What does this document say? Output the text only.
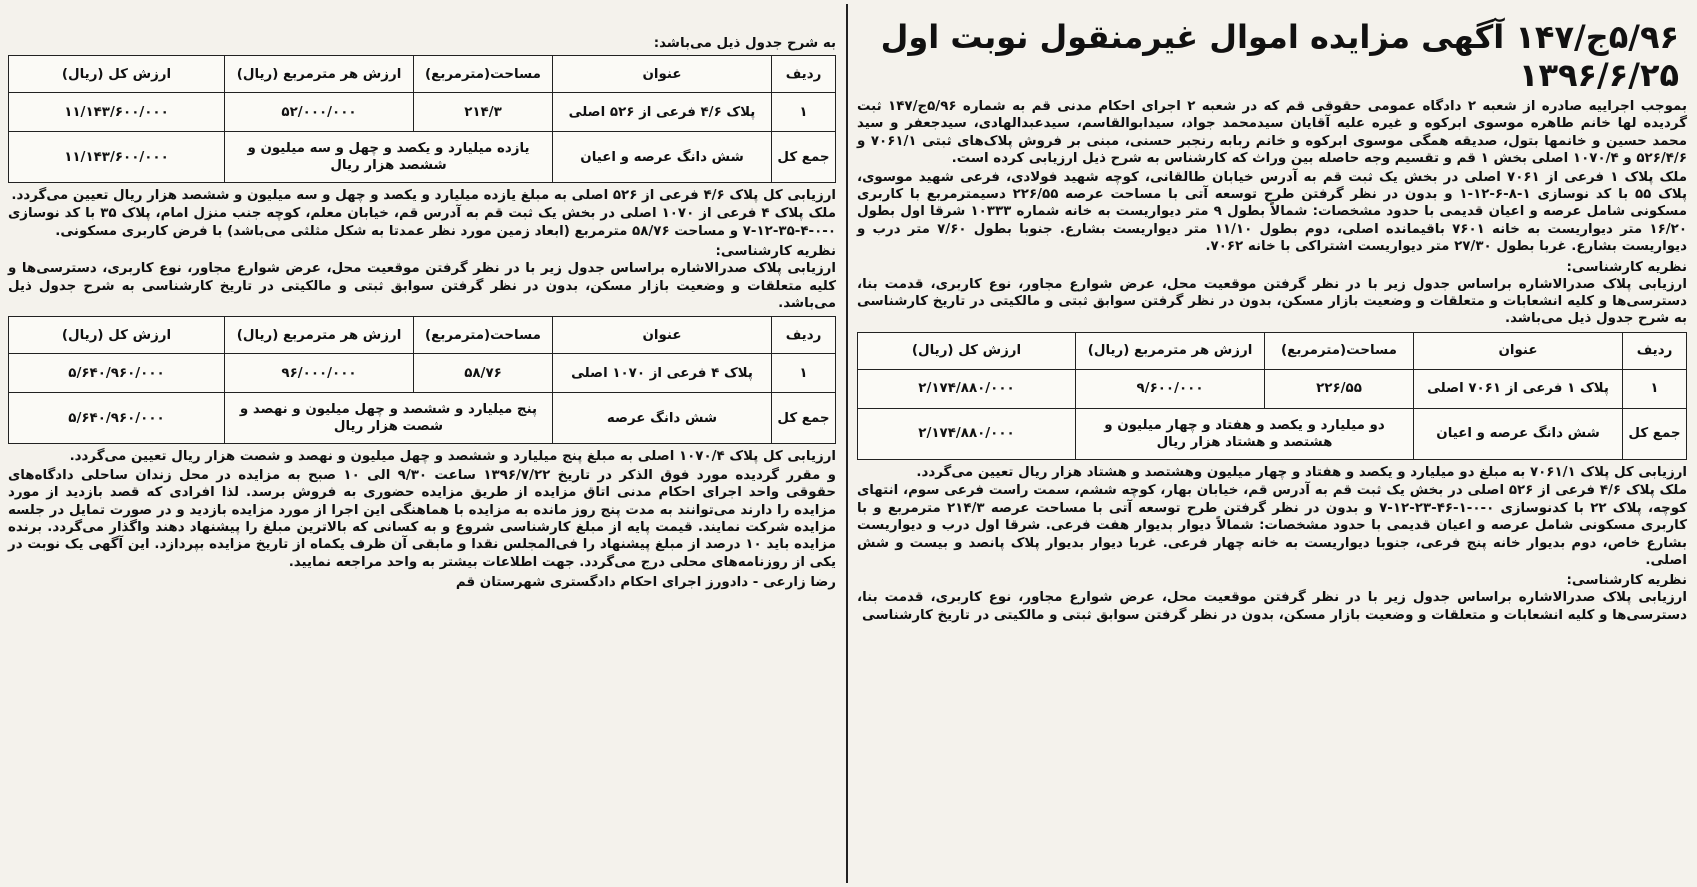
۵/۹۶ج/۱۴۷ آگهی مزایده اموال غیرمنقول نوبت اول ۱۳۹۶/۶/۲۵

بموجب اجراییه صادره از شعبه ۲ دادگاه عمومی حقوقی قم که در شعبه ۲ اجرای احکام مدنی قم به شماره ۵/۹۶ج/۱۴۷ ثبت گردیده لها خانم طاهره موسوی ابرکوه و غیره علیه آقایان سیدمحمد جواد، سیدابوالقاسم، سیدعبدالهادی، سیدجعفر و سید محمد حسین و خانمها بتول، صدیقه همگی موسوی ابرکوه و خانم ربابه رنجبر حسنی، مبنی بر فروش پلاک‌های ثبتی ۷۰۶۱/۱ و ۵۲۶/۴/۶ و ۱۰۷۰/۴ اصلی بخش ۱ قم و تقسیم وجه حاصله بین وراث که کارشناس به شرح ذیل ارزیابی کرده است.

ملک پلاک ۱ فرعی از ۷۰۶۱ اصلی در بخش یک ثبت قم به آدرس خیابان طالقانی، کوچه شهید فولادی، فرعی شهید موسوی، پلاک ۵۵ با کد نوسازی ۱-۸-۶-۱۲-۱ و بدون در نظر گرفتن طرح توسعه آتی با مساحت عرصه ۲۲۶/۵۵ دسیمترمربع با کاربری مسکونی شامل عرصه و اعیان قدیمی با حدود مشخصات: شمالاً بطول ۹ متر دیواریست به خانه شماره ۱۰۳۳۳ شرقا اول بطول ۱۶/۲۰ متر دیواریست به خانه ۷۶۰۱ باقیمانده اصلی، دوم بطول ۱۱/۱۰ متر دیواریست بشارع. جنوبا بطول ۷/۶۰ متر درب و دیواریست بشارع. غربا بطول ۲۷/۳۰ متر دیواریست اشتراکی با خانه ۷۰۶۲.

نظریه کارشناسی:

ارزیابی پلاک صدرالاشاره براساس جدول زیر با در نظر گرفتن موقعیت محل، عرض شوارع مجاور، نوع کاربری، قدمت بنا، دسترسی‌ها و کلیه انشعابات و متعلقات و وضعیت بازار مسکن، بدون در نظر گرفتن سوابق ثبتی و مالکیتی در تاریخ کارشناسی به شرح جدول ذیل می‌باشد.

ردیف	عنوان	مساحت(مترمربع)	ارزش هر مترمربع (ریال)	ارزش کل (ریال)
۱	پلاک ۱ فرعی از ۷۰۶۱ اصلی	۲۲۶/۵۵	۹/۶۰۰/۰۰۰	۲/۱۷۴/۸۸۰/۰۰۰
جمع کل	شش دانگ عرصه و اعیان	دو میلیارد و یکصد و هفتاد و چهار میلیون و هشتصد و هشتاد هزار ریال		۲/۱۷۴/۸۸۰/۰۰۰

ارزیابی کل پلاک ۷۰۶۱/۱ به مبلغ دو میلیارد و یکصد و هفتاد و چهار میلیون وهشتصد و هشتاد هزار ریال تعیین می‌گردد.

ملک پلاک ۴/۶ فرعی از ۵۲۶ اصلی در بخش یک ثبت قم به آدرس قم، خیابان بهار، کوچه ششم، سمت راست فرعی سوم، انتهای کوچه، پلاک ۲۲ با کدنوسازی ۰-۰-۱-۴۶-۲۳-۱۲-۷ و بدون در نظر گرفتن طرح توسعه آتی با مساحت عرصه ۲۱۴/۳ مترمربع و با کاربری مسکونی شامل عرصه و اعیان قدیمی با حدود مشخصات: شمالاً دیوار بدیوار هفت فرعی. شرقا اول درب و دیواریست بشارع خاص، دوم بدیوار خانه پنج فرعی، جنوبا دیواریست به خانه چهار فرعی. غربا دیوار بدیوار پلاک پانصد و بیست و شش اصلی.

نظریه کارشناسی:

ارزیابی پلاک صدرالاشاره براساس جدول زیر با در نظر گرفتن موقعیت محل، عرض شوارع مجاور، نوع کاربری، قدمت بنا، دسترسی‌ها و کلیه انشعابات و متعلقات و وضعیت بازار مسکن، بدون در نظر گرفتن سوابق ثبتی و مالکیتی در تاریخ کارشناسی

به شرح جدول ذیل می‌باشد:
ردیف	عنوان	مساحت(مترمربع)	ارزش هر مترمربع (ریال)	ارزش کل (ریال)
۱	پلاک ۴/۶ فرعی از ۵۲۶ اصلی	۲۱۴/۳	۵۲/۰۰۰/۰۰۰	۱۱/۱۴۳/۶۰۰/۰۰۰
جمع کل	شش دانگ عرصه و اعیان	یازده میلیارد و یکصد و چهل و سه میلیون و ششصد هزار ریال		۱۱/۱۴۳/۶۰۰/۰۰۰

ارزیابی کل پلاک ۴/۶ فرعی از ۵۲۶ اصلی به مبلغ یازده میلیارد و یکصد و چهل و سه میلیون و ششصد هزار ریال تعیین می‌گردد.

ملک پلاک ۴ فرعی از ۱۰۷۰ اصلی در بخش یک ثبت قم به آدرس قم، خیابان معلم، کوچه جنب منزل امام، پلاک ۳۵ با کد نوسازی ۰-۰-۴-۳۵-۱۲-۷ و مساحت ۵۸/۷۶ مترمربع (ابعاد زمین مورد نظر عمدتا به شکل مثلثی می‌باشد) با فرض کاربری مسکونی.

نظریه کارشناسی:

ارزیابی پلاک صدرالاشاره براساس جدول زیر با در نظر گرفتن موقعیت محل، عرض شوارع مجاور، نوع کاربری، دسترسی‌ها و کلیه متعلقات و وضعیت بازار مسکن، بدون در نظر گرفتن سوابق ثبتی و مالکیتی در تاریخ کارشناسی به شرح جدول ذیل می‌باشد.

ردیف	عنوان	مساحت(مترمربع)	ارزش هر مترمربع (ریال)	ارزش کل (ریال)
۱	پلاک ۴ فرعی از ۱۰۷۰ اصلی	۵۸/۷۶	۹۶/۰۰۰/۰۰۰	۵/۶۴۰/۹۶۰/۰۰۰
جمع کل	شش دانگ عرصه	پنج میلیارد و ششصد و چهل میلیون و نهصد و شصت هزار ریال		۵/۶۴۰/۹۶۰/۰۰۰

ارزیابی کل پلاک ۱۰۷۰/۴ اصلی به مبلغ پنج میلیارد و ششصد و چهل میلیون و نهصد و شصت هزار ریال تعیین می‌گردد.

و مقرر گردیده مورد فوق الذکر در تاریخ ۱۳۹۶/۷/۲۲ ساعت ۹/۳۰ الی ۱۰ صبح به مزایده در محل زندان ساحلی دادگاه‌های حقوقی واحد اجرای احکام مدنی اتاق مزایده از طریق مزایده حضوری به فروش برسد. لذا افرادی که قصد بازدید از مورد مزایده را دارند می‌توانند به مدت پنج روز مانده به مزایده با هماهنگی این اجرا از مورد مزایده بازدید و در صورت تمایل در جلسه مزایده شرکت نمایند. قیمت پایه از مبلغ کارشناسی شروع و به کسانی که بالاترین مبلغ را پیشنهاد دهند واگذار می‌گردد. برنده مزایده باید ۱۰ درصد از مبلغ پیشنهاد را فی‌المجلس نقدا و مابقی آن ظرف یکماه از تاریخ مزایده بپردازد. این آگهی یک نوبت در یکی از روزنامه‌های محلی درج می‌گردد. جهت اطلاعات بیشتر به واحد مراجعه نمایید.

رضا زارعی - دادورز اجرای احکام دادگستری شهرستان قم
